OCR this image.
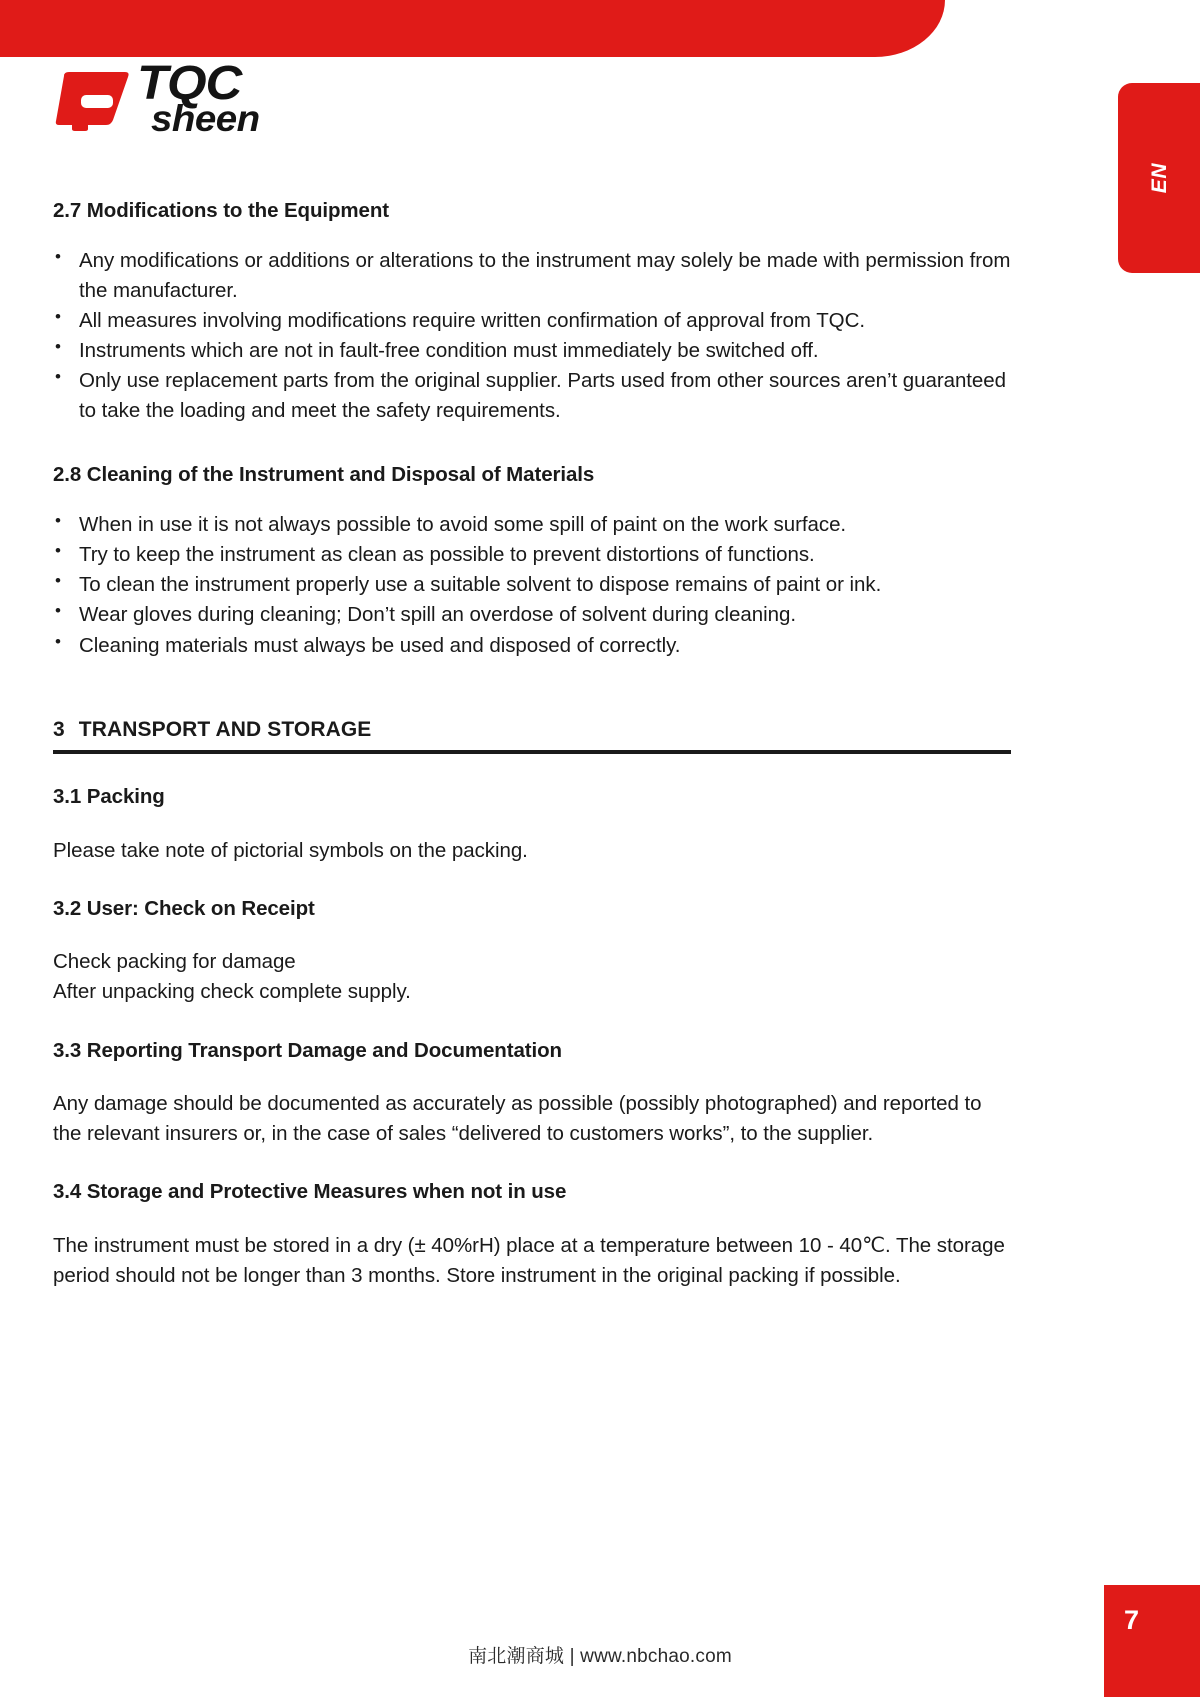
EN
TQC
sheen
2.7 Modifications to the Equipment
• Any modifications or additions or alterations to the instrument may solely be made with permission from the manufacturer.
• All measures involving modifications require written confirmation of approval from TQC.
• Instruments which are not in fault-free condition must immediately be switched off.
• Only use replacement parts from the original supplier. Parts used from other sources aren’t guaranteed to take the loading and meet the safety requirements.
2.8 Cleaning of the Instrument and Disposal of Materials
• When in use it is not always possible to avoid some spill of paint on the work surface.
• Try to keep the instrument as clean as possible to prevent distortions of functions.
• To clean the instrument properly use a suitable solvent to dispose remains of paint or ink.
• Wear gloves during cleaning; Don’t spill an overdose of solvent during cleaning.
• Cleaning materials must always be used and disposed of correctly.
3 TRANSPORT AND STORAGE
3.1 Packing

Please take note of pictorial symbols on the packing.

3.2 User: Check on Receipt

Check packing for damage

After unpacking check complete supply.

3.3 Reporting Transport Damage and Documentation

Any damage should be documented as accurately as possible (possibly photographed) and reported to the relevant insurers or, in the case of sales “delivered to customers works”, to the supplier.

3.4 Storage and Protective Measures when not in use

The instrument must be stored in a dry (± 40%rH) place at a temperature between 10 - 40℃. The storage period should not be longer than 3 months. Store instrument in the original packing if possible.

7
南北潮商城 | www.nbchao.com
